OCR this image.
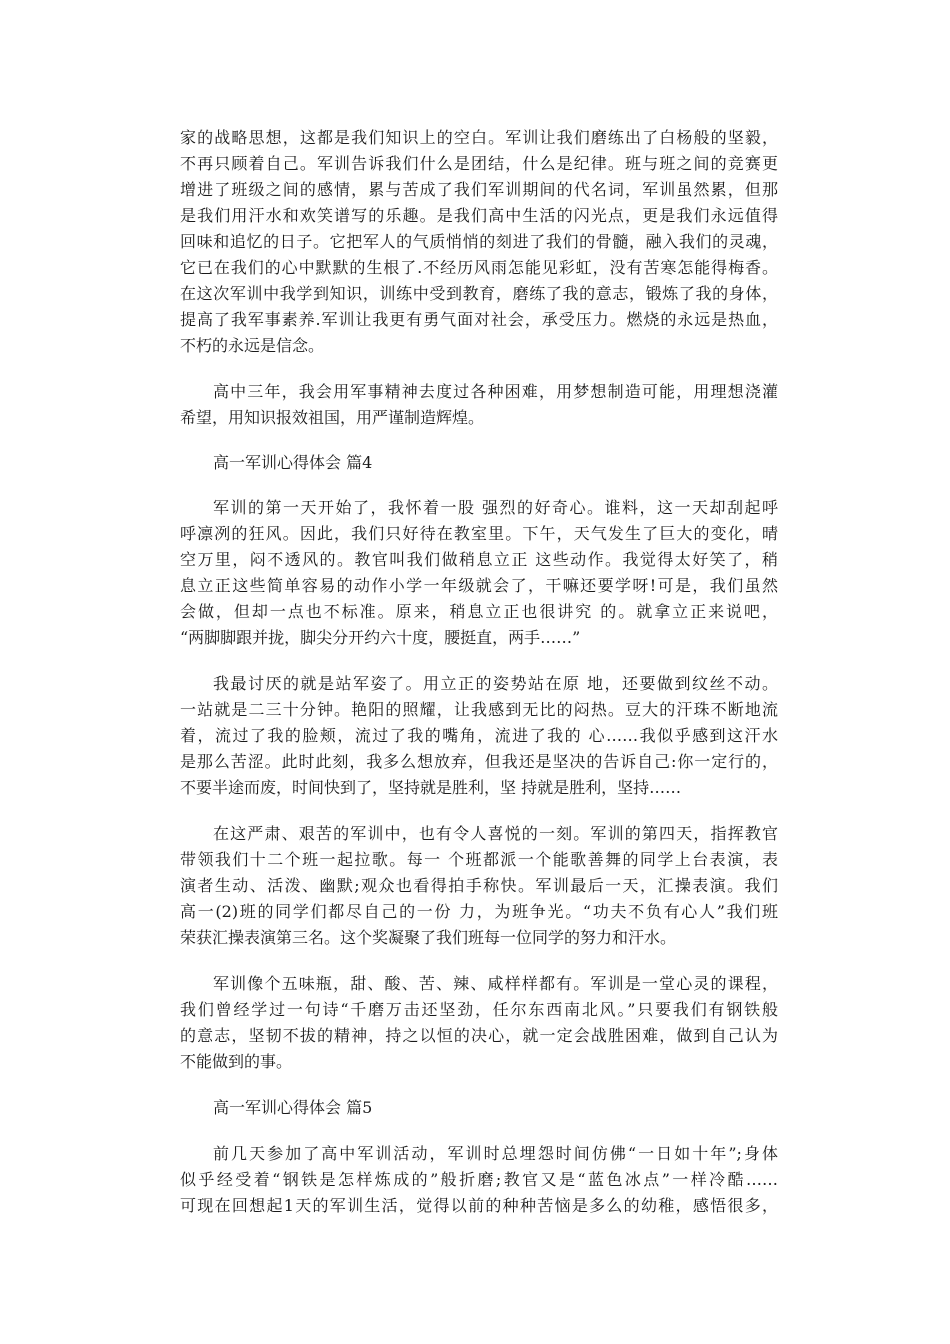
家的战略思想，这都是我们知识上的空白。军训让我们磨练出了白杨般的坚毅，
不再只顾着自己。军训告诉我们什么是团结，什么是纪律。班与班之间的竞赛更
增进了班级之间的感情，累与苦成了我们军训期间的代名词，军训虽然累，但那
是我们用汗水和欢笑谱写的乐趣。是我们高中生活的闪光点，更是我们永远值得
回味和追忆的日子。它把军人的气质悄悄的刻进了我们的骨髓，融入我们的灵魂，
它已在我们的心中默默的生根了.不经历风雨怎能见彩虹，没有苦寒怎能得梅香。
在这次军训中我学到知识，训练中受到教育，磨练了我的意志，锻炼了我的身体，
提高了我军事素养.军训让我更有勇气面对社会，承受压力。燃烧的永远是热血，
不朽的永远是信念。
高中三年，我会用军事精神去度过各种困难，用梦想制造可能，用理想浇灌
希望，用知识报效祖国，用严谨制造辉煌。
高一军训心得体会 篇4
军训的第一天开始了，我怀着一股 强烈的好奇心。谁料，这一天却刮起呼
呼凛冽的狂风。因此，我们只好待在教室里。下午，天气发生了巨大的变化，晴
空万里，闷不透风的。教官叫我们做稍息立正 这些动作。我觉得太好笑了，稍
息立正这些简单容易的动作小学一年级就会了，干嘛还要学呀!可是，我们虽然
会做，但却一点也不标准。原来，稍息立正也很讲究 的。就拿立正来说吧，
“两脚脚跟并拢，脚尖分开约六十度，腰挺直，两手……”
我最讨厌的就是站军姿了。用立正的姿势站在原 地，还要做到纹丝不动。
一站就是二三十分钟。艳阳的照耀，让我感到无比的闷热。豆大的汗珠不断地流
着，流过了我的脸颊，流过了我的嘴角，流进了我的 心……我似乎感到这汗水
是那么苦涩。此时此刻，我多么想放弃，但我还是坚决的告诉自己:你一定行的，
不要半途而废，时间快到了，坚持就是胜利，坚 持就是胜利，坚持……
在这严肃、艰苦的军训中，也有令人喜悦的一刻。军训的第四天，指挥教官
带领我们十二个班一起拉歌。每一 个班都派一个能歌善舞的同学上台表演，表
演者生动、活泼、幽默;观众也看得拍手称快。军训最后一天，汇操表演。我们
高一(2)班的同学们都尽自己的一份 力，为班争光。“功夫不负有心人”我们班
荣获汇操表演第三名。这个奖凝聚了我们班每一位同学的努力和汗水。
军训像个五味瓶，甜、酸、苦、辣、咸样样都有。军训是一堂心灵的课程，
我们曾经学过一句诗“千磨万击还坚劲，任尔东西南北风。”只要我们有钢铁般
的意志，坚韧不拔的精神，持之以恒的决心，就一定会战胜困难，做到自己认为
不能做到的事。
高一军训心得体会 篇5
前几天参加了高中军训活动，军训时总埋怨时间仿佛“一日如十年”;身体
似乎经受着“钢铁是怎样炼成的”般折磨;教官又是“蓝色冰点”一样冷酷……
可现在回想起1天的军训生活，觉得以前的种种苦恼是多么的幼稚，感悟很多，
